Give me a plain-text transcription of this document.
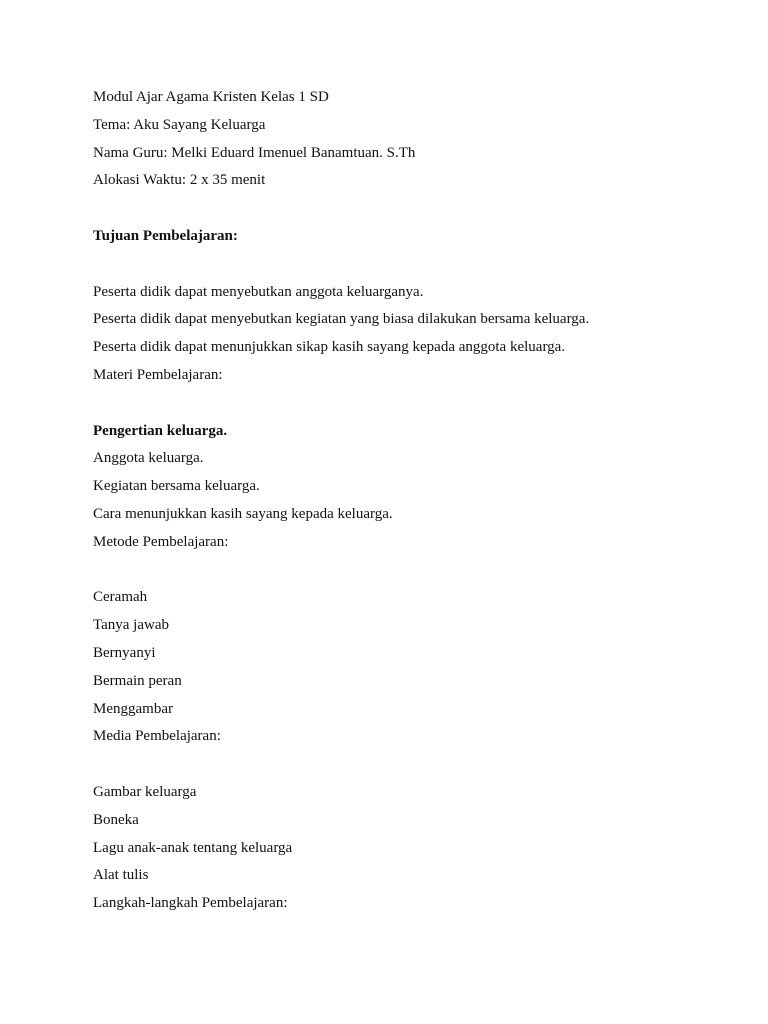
Modul Ajar Agama Kristen Kelas 1 SD
Tema: Aku Sayang Keluarga
Nama Guru: Melki Eduard Imenuel Banamtuan. S.Th
Alokasi Waktu: 2 x 35 menit
Tujuan Pembelajaran:
Peserta didik dapat menyebutkan anggota keluarganya.
Peserta didik dapat menyebutkan kegiatan yang biasa dilakukan bersama keluarga.
Peserta didik dapat menunjukkan sikap kasih sayang kepada anggota keluarga.
Materi Pembelajaran:
Pengertian keluarga.
Anggota keluarga.
Kegiatan bersama keluarga.
Cara menunjukkan kasih sayang kepada keluarga.
Metode Pembelajaran:
Ceramah
Tanya jawab
Bernyanyi
Bermain peran
Menggambar
Media Pembelajaran:
Gambar keluarga
Boneka
Lagu anak-anak tentang keluarga
Alat tulis
Langkah-langkah Pembelajaran:
